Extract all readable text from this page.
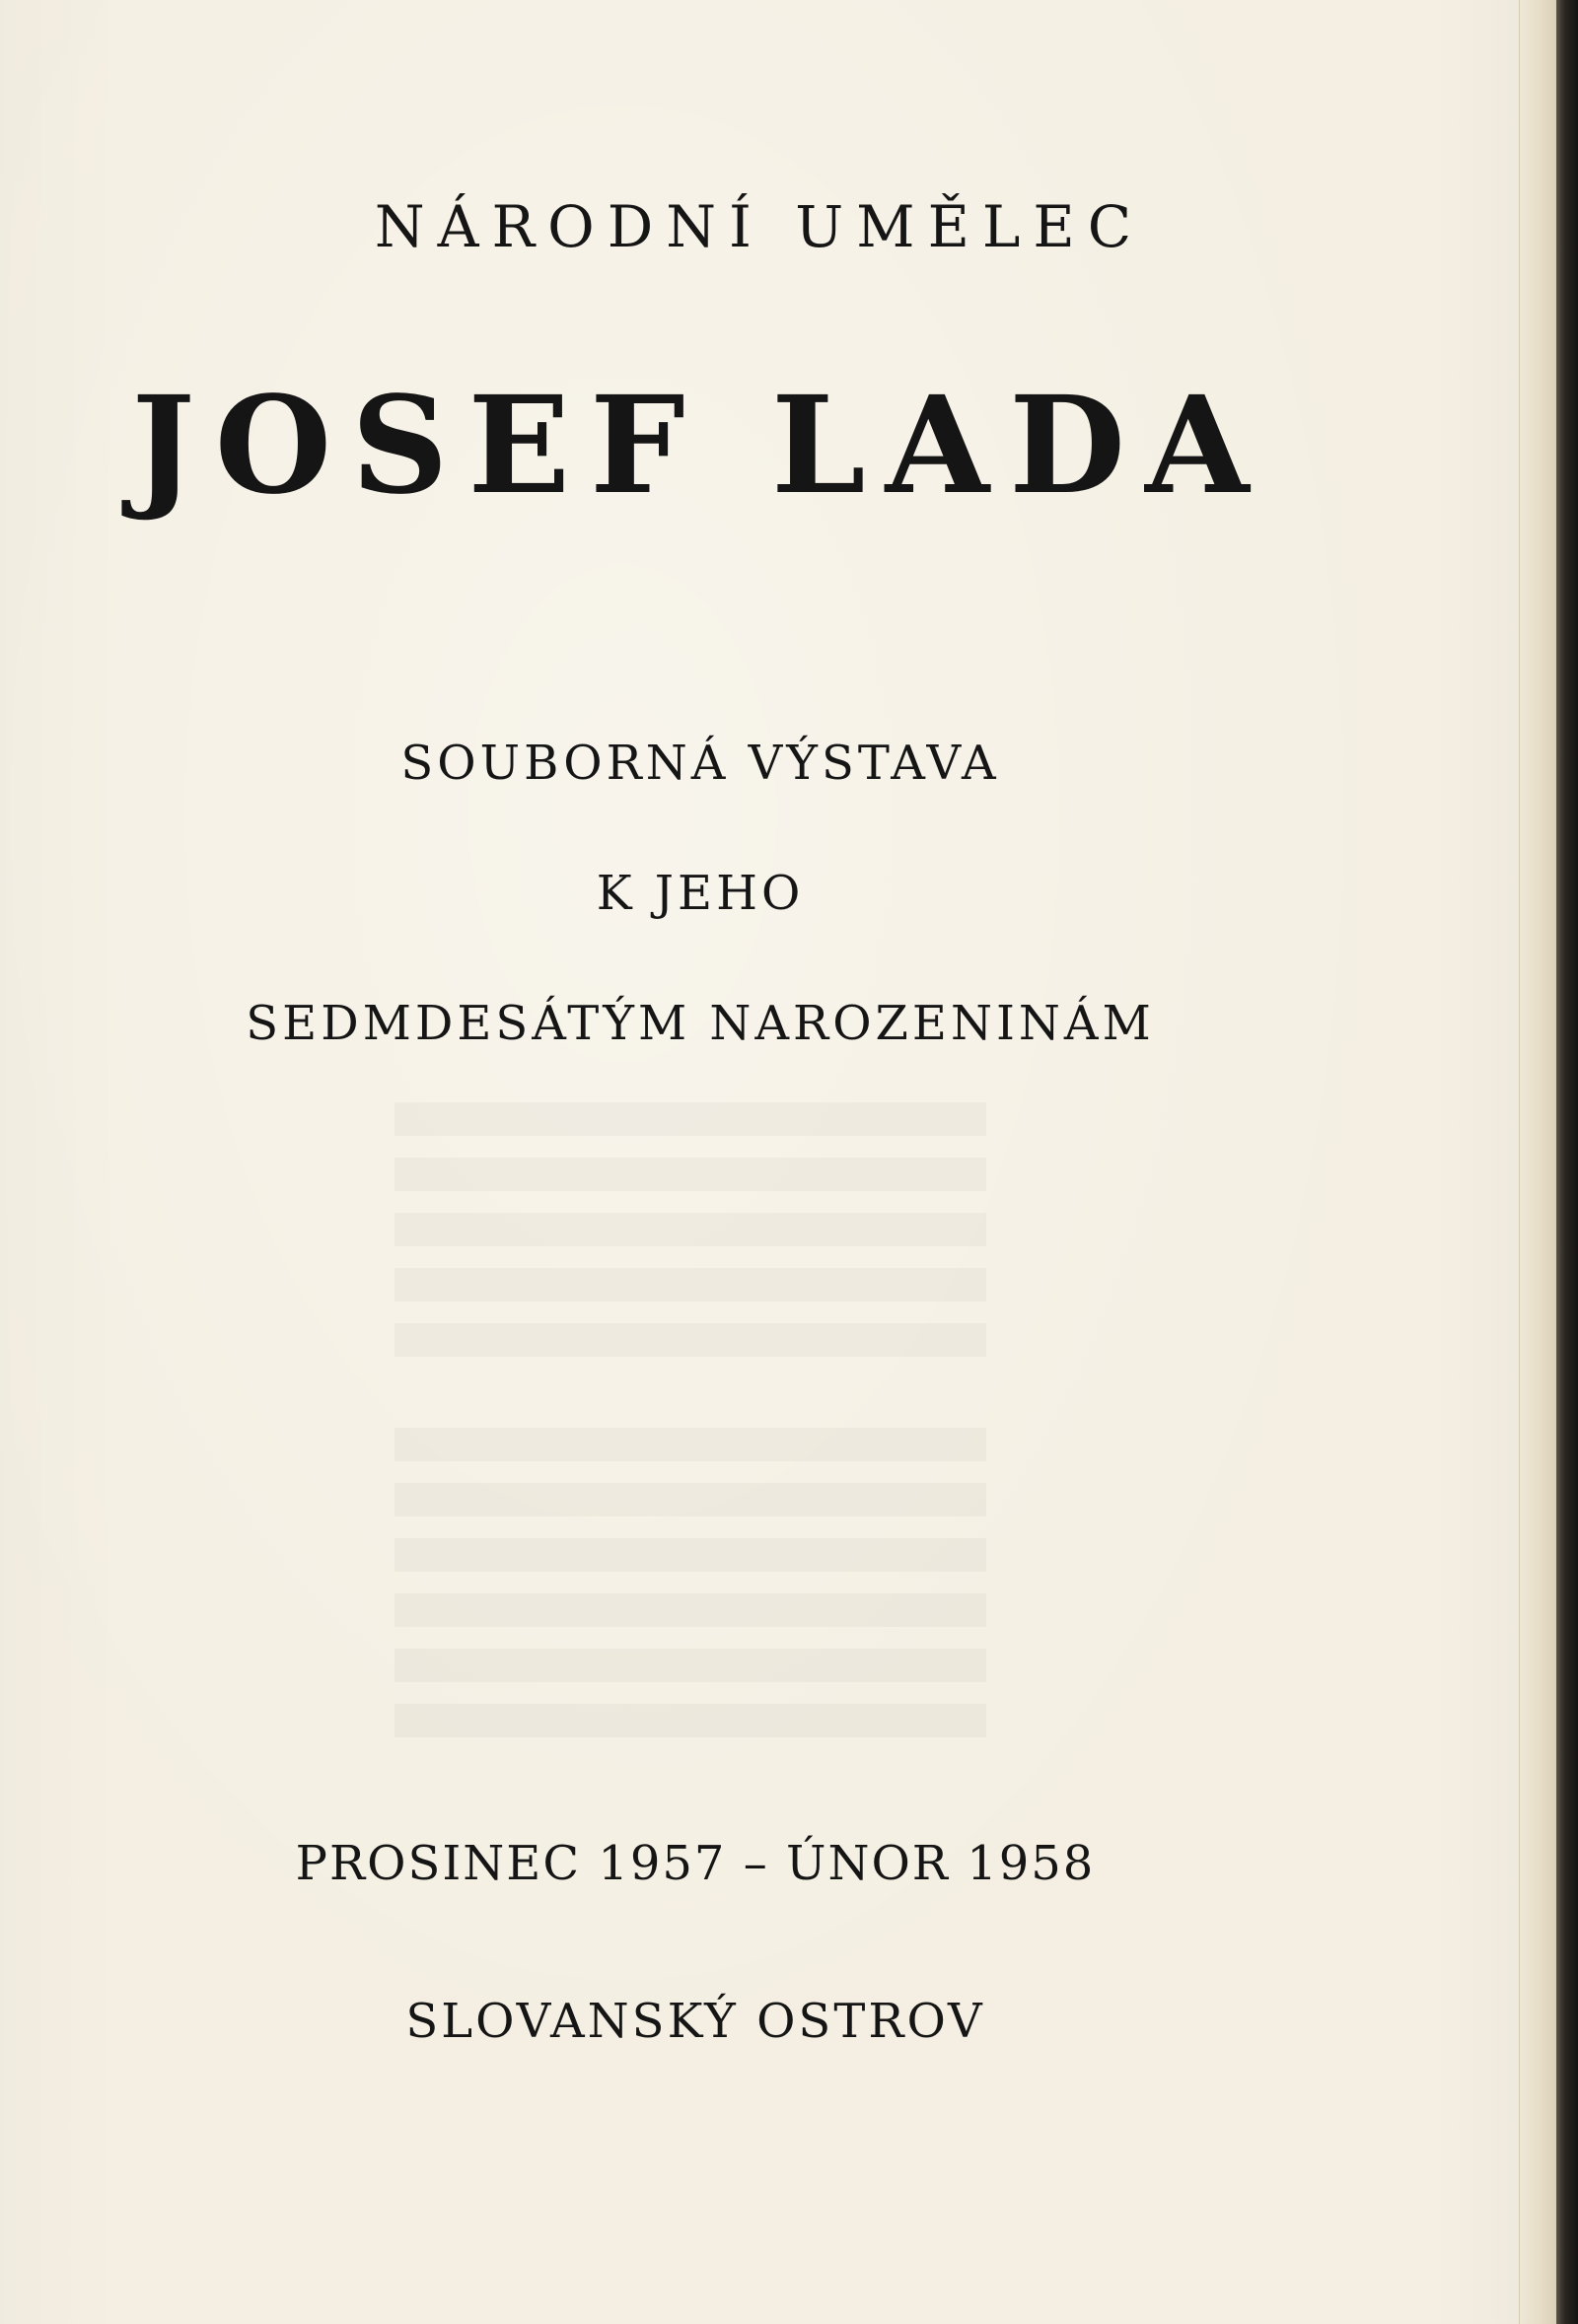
NÁRODNÍ UMĚLEC
JOSEF LADA
SOUBORNÁ VÝSTAVA
K JEHO
SEDMDESÁTÝM NAROZENINÁM
PROSINEC 1957 – ÚNOR 1958
SLOVANSKÝ OSTROV
